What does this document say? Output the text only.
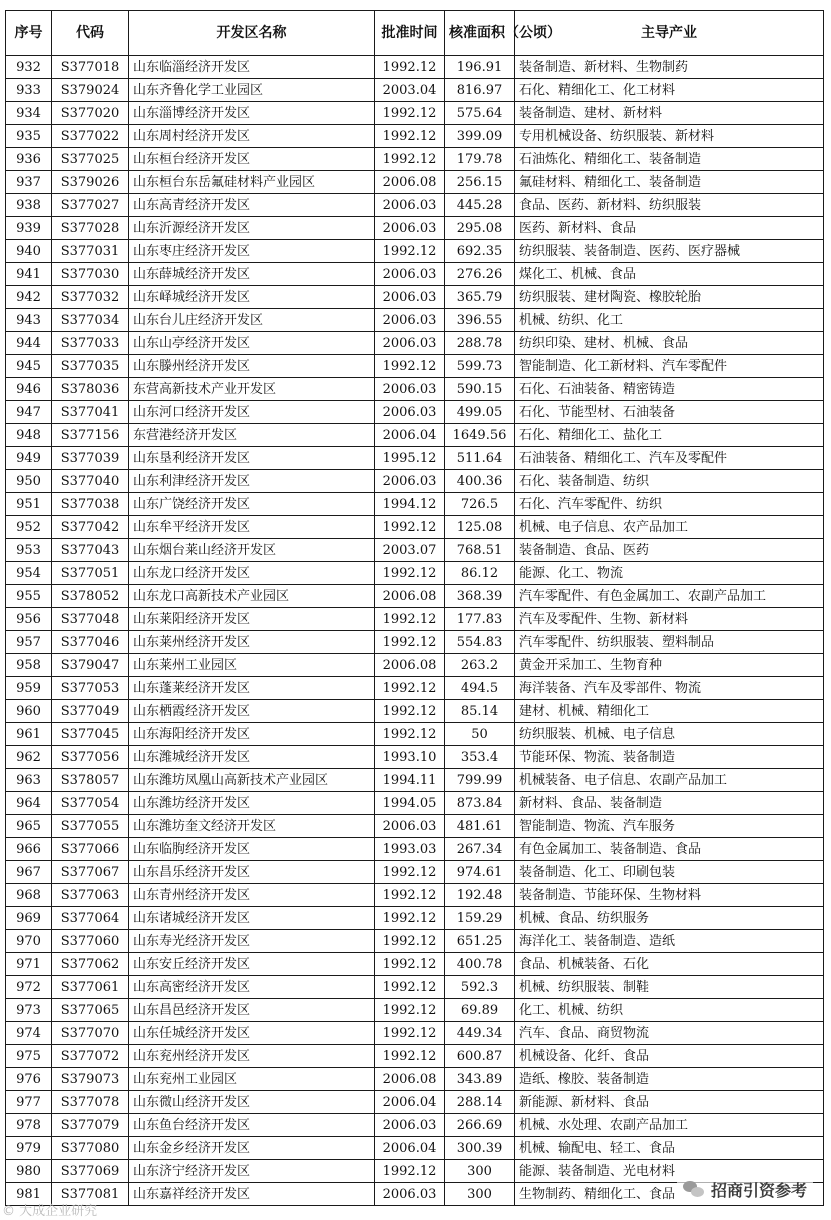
序号	代码	开发区名称	批准时间	核准面积（公顷）	主导产业
932	S377018	山东临淄经济开发区	1992.12	196.91	装备制造、新材料、生物制药
933	S379024	山东齐鲁化学工业园区	2003.04	816.97	石化、精细化工、化工材料
934	S377020	山东淄博经济开发区	1992.12	575.64	装备制造、建材、新材料
935	S377022	山东周村经济开发区	1992.12	399.09	专用机械设备、纺织服装、新材料
936	S377025	山东桓台经济开发区	1992.12	179.78	石油炼化、精细化工、装备制造
937	S379026	山东桓台东岳氟硅材料产业园区	2006.08	256.15	氟硅材料、精细化工、装备制造
938	S377027	山东高青经济开发区	2006.03	445.28	食品、医药、新材料、纺织服装
939	S377028	山东沂源经济开发区	2006.03	295.08	医药、新材料、食品
940	S377031	山东枣庄经济开发区	1992.12	692.35	纺织服装、装备制造、医药、医疗器械
941	S377030	山东薛城经济开发区	2006.03	276.26	煤化工、机械、食品
942	S377032	山东峄城经济开发区	2006.03	365.79	纺织服装、建材陶瓷、橡胶轮胎
943	S377034	山东台儿庄经济开发区	2006.03	396.55	机械、纺织、化工
944	S377033	山东山亭经济开发区	2006.03	288.78	纺织印染、建材、机械、食品
945	S377035	山东滕州经济开发区	1992.12	599.73	智能制造、化工新材料、汽车零配件
946	S378036	东营高新技术产业开发区	2006.03	590.15	石化、石油装备、精密铸造
947	S377041	山东河口经济开发区	2006.03	499.05	石化、节能型材、石油装备
948	S377156	东营港经济开发区	2006.04	1649.56	石化、精细化工、盐化工
949	S377039	山东垦利经济开发区	1995.12	511.64	石油装备、精细化工、汽车及零配件
950	S377040	山东利津经济开发区	2006.03	400.36	石化、装备制造、纺织
951	S377038	山东广饶经济开发区	1994.12	726.5	石化、汽车零配件、纺织
952	S377042	山东牟平经济开发区	1992.12	125.08	机械、电子信息、农产品加工
953	S377043	山东烟台莱山经济开发区	2003.07	768.51	装备制造、食品、医药
954	S377051	山东龙口经济开发区	1992.12	86.12	能源、化工、物流
955	S378052	山东龙口高新技术产业园区	2006.08	368.39	汽车零配件、有色金属加工、农副产品加工
956	S377048	山东莱阳经济开发区	1992.12	177.83	汽车及零配件、生物、新材料
957	S377046	山东莱州经济开发区	1992.12	554.83	汽车零配件、纺织服装、塑料制品
958	S379047	山东莱州工业园区	2006.08	263.2	黄金开采加工、生物育种
959	S377053	山东蓬莱经济开发区	1992.12	494.5	海洋装备、汽车及零部件、物流
960	S377049	山东栖霞经济开发区	1992.12	85.14	建材、机械、精细化工
961	S377045	山东海阳经济开发区	1992.12	50	纺织服装、机械、电子信息
962	S377056	山东潍城经济开发区	1993.10	353.4	节能环保、物流、装备制造
963	S378057	山东潍坊凤凰山高新技术产业园区	1994.11	799.99	机械装备、电子信息、农副产品加工
964	S377054	山东潍坊经济开发区	1994.05	873.84	新材料、食品、装备制造
965	S377055	山东潍坊奎文经济开发区	2006.03	481.61	智能制造、物流、汽车服务
966	S377066	山东临朐经济开发区	1993.03	267.34	有色金属加工、装备制造、食品
967	S377067	山东昌乐经济开发区	1992.12	974.61	装备制造、化工、印刷包装
968	S377063	山东青州经济开发区	1992.12	192.48	装备制造、节能环保、生物材料
969	S377064	山东诸城经济开发区	1992.12	159.29	机械、食品、纺织服务
970	S377060	山东寿光经济开发区	1992.12	651.25	海洋化工、装备制造、造纸
971	S377062	山东安丘经济开发区	1992.12	400.78	食品、机械装备、石化
972	S377061	山东高密经济开发区	1992.12	592.3	机械、纺织服装、制鞋
973	S377065	山东昌邑经济开发区	1992.12	69.89	化工、机械、纺织
974	S377070	山东任城经济开发区	1992.12	449.34	汽车、食品、商贸物流
975	S377072	山东兖州经济开发区	1992.12	600.87	机械设备、化纤、食品
976	S379073	山东兖州工业园区	2006.08	343.89	造纸、橡胶、装备制造
977	S377078	山东微山经济开发区	2006.04	288.14	新能源、新材料、食品
978	S377079	山东鱼台经济开发区	2006.03	266.69	机械、水处理、农副产品加工
979	S377080	山东金乡经济开发区	2006.04	300.39	机械、输配电、轻工、食品
980	S377069	山东济宁经济开发区	1992.12	300	能源、装备制造、光电材料
981	S377081	山东嘉祥经济开发区	2006.03	300	生物制药、精细化工、食品
© 大成企业研究
招商引资参考
